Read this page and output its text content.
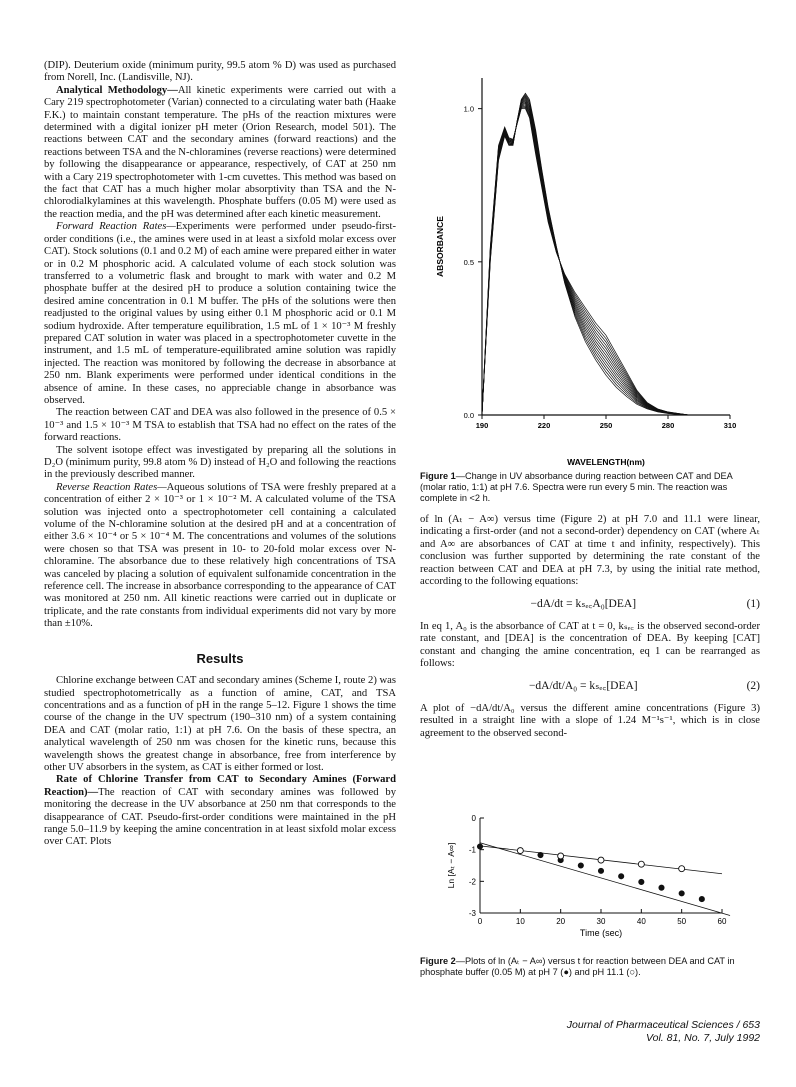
(DIP). Deuterium oxide (minimum purity, 99.5 atom % D) was used as purchased from Norell, Inc. (Landisville, NJ).

Analytical Methodology—All kinetic experiments were carried out with a Cary 219 spectrophotometer (Varian) connected to a circulating water bath (Haake F.K.) to maintain constant temperature. The pHs of the reaction mixtures were determined with a digital ionizer pH meter (Orion Research, model 501). The reactions between CAT and the secondary amines (forward reactions) and the reactions between TSA and the N-chloramines (reverse reactions) were determined by following the disappearance or appearance, respectively, of CAT at 250 nm with a Cary 219 spectrophotometer with 1-cm cuvettes. This method was based on the fact that CAT has a much higher molar absorptivity than TSA and the N-chlorodialkylamines at this wavelength. Phosphate buffers (0.05 M) were used as the reaction media, and the pH was determined after each kinetic measurement.

Forward Reaction Rates—Experiments were performed under pseudo-first-order conditions (i.e., the amines were used in at least a sixfold molar excess over CAT). Stock solutions (0.1 and 0.2 M) of each amine were prepared either in water or in 0.2 M phosphoric acid. A calculated volume of each stock solution was transferred to a volumetric flask and brought to mark with water and 0.2 M phosphate buffer at the desired pH to produce a solution containing twice the desired amine concentration in 0.1 M buffer. The pHs of the solutions were then readjusted to the original values by using either 0.1 M phosphoric acid or 0.1 M sodium hydroxide. After temperature equilibration, 1.5 mL of 1 × 10⁻³ M freshly prepared CAT solution in water was placed in a spectrophotometer cuvette in the instrument, and 1.5 mL of temperature-equilibrated amine solution was rapidly injected. The reaction was monitored by following the decrease in absorbance at 250 nm. Blank experiments were performed under identical conditions in the absence of amine. In these cases, no appreciable change in absorbance was observed.

The reaction between CAT and DEA was also followed in the presence of 0.5 × 10⁻³ and 1.5 × 10⁻³ M TSA to establish that TSA had no effect on the rates of the forward reactions.

The solvent isotope effect was investigated by preparing all the solutions in D₂O (minimum purity, 99.8 atom % D) instead of H₂O and following the reactions in the previously described manner.

Reverse Reaction Rates—Aqueous solutions of TSA were freshly prepared at a concentration of either 2 × 10⁻³ or 1 × 10⁻² M. A calculated volume of the TSA solution was injected onto a spectrophotometer cell containing a calculated volume of the N-chloramine solution at the desired pH and at a concentration of either 3.6 × 10⁻⁴ or 5 × 10⁻⁴ M. The concentrations and volumes of the solutions were chosen so that TSA was present in 10- to 20-fold molar excess over N-chloramine. The absorbance due to these relatively high concentrations of TSA was canceled by placing a solution of equivalent sulfonamide concentration in the reference cell. The increase in absorbance corresponding to the appearance of CAT was monitored at 250 nm. All kinetic reactions were carried out in duplicate or triplicate, and the rate constants from individual experiments did not vary by more than ±10%.

Results

Chlorine exchange between CAT and secondary amines (Scheme I, route 2) was studied spectrophotometrically as a function of amine, CAT, and TSA concentrations and as a function of pH in the range 5–12. Figure 1 shows the time course of the change in the UV spectrum (190–310 nm) of a system containing DEA and CAT (molar ratio, 1:1) at pH 7.6. On the basis of these spectra, an analytical wavelength of 250 nm was chosen for the kinetic runs, because this wavelength shows the greatest change in absorbance, free from interference by other UV absorbers in the system, as CAT is either formed or lost.

Rate of Chlorine Transfer from CAT to Secondary Amines (Forward Reaction)—The reaction of CAT with secondary amines was followed by monitoring the decrease in the UV absorbance at 250 nm that corresponds to the disappearance of CAT. Pseudo-first-order conditions were maintained in the pH range 5.0–11.9 by keeping the amine concentration in at least sixfold molar excess over CAT. Plots

0.0
0.5
1.0
190	220	250	280	310
WAVELENGTH(nm)
ABSORBANCE
Figure 1—Change in UV absorbance during reaction between CAT and DEA (molar ratio, 1:1) at pH 7.6. Spectra were run every 5 min. The reaction was complete in <2 h.

of ln (Aₜ − A∞) versus time (Figure 2) at pH 7.0 and 11.1 were linear, indicating a first-order (and not a second-order) dependency on CAT (where Aₜ and A∞ are absorbances of CAT at time t and infinity, respectively). This conclusion was further supported by determining the rate constant of the reaction between CAT and DEA at pH 7.3, by using the initial rate method, according to the following equations:

−dA/dt = kₛₑ꜀A₀[DEA]	(1)

In eq 1, A₀ is the absorbance of CAT at t = 0, kₛₑ꜀ is the observed second-order rate constant, and [DEA] is the concentration of DEA. By keeping [CAT] constant and changing the amine concentration, eq 1 can be rearranged as follows:

−dA/dt/A₀ = kₛₑ꜀[DEA]	(2)

A plot of −dA/dt/A₀ versus the different amine concentrations (Figure 3) resulted in a straight line with a slope of 1.24 M⁻¹s⁻¹, which is in close agreement to the observed second-

0
-1
-2
-3
0	10	20	30	40	50	60
Time (sec)
Ln [Aₜ − A∞]
Figure 2—Plots of ln (Aₜ − A∞) versus t for reaction between DEA and CAT in phosphate buffer (0.05 M) at pH 7 (●) and pH 11.1 (○).
Journal of Pharmaceutical Sciences / 653
Vol. 81, No. 7, July 1992
